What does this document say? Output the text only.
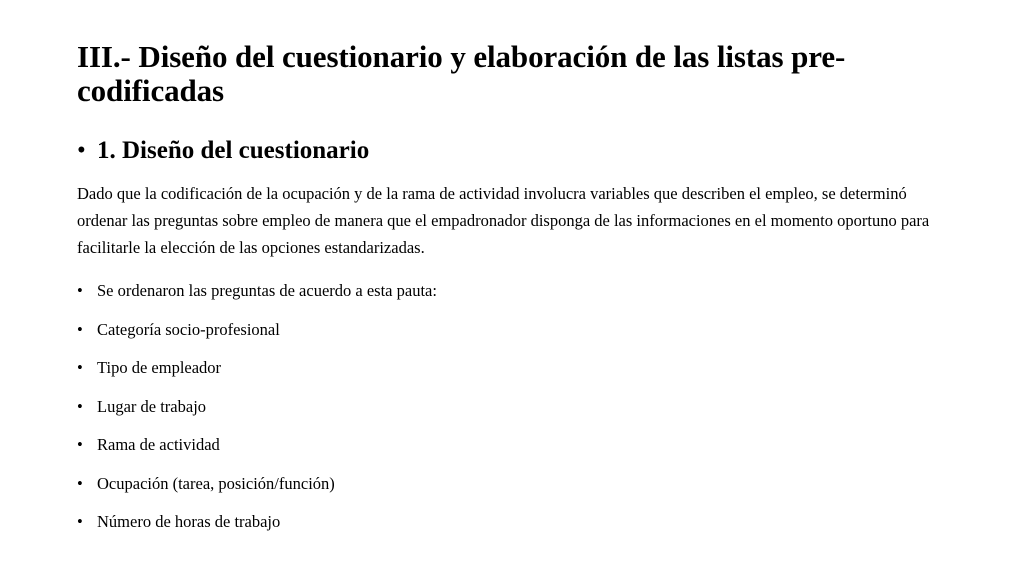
III.- Diseño del cuestionario y elaboración de las listas pre-codificadas
• 1. Diseño del cuestionario

Dado que la codificación de la ocupación y de la rama de actividad involucra variables que describen el empleo, se determinó ordenar las preguntas sobre empleo de manera que el empadronador disponga de las informaciones en el momento oportuno para facilitarle la elección de las opciones estandarizadas.

• Se ordenaron las preguntas de acuerdo a esta pauta:
• Categoría socio-profesional
• Tipo de empleador
• Lugar de trabajo
• Rama de actividad
• Ocupación (tarea, posición/función)
• Número de horas de trabajo
